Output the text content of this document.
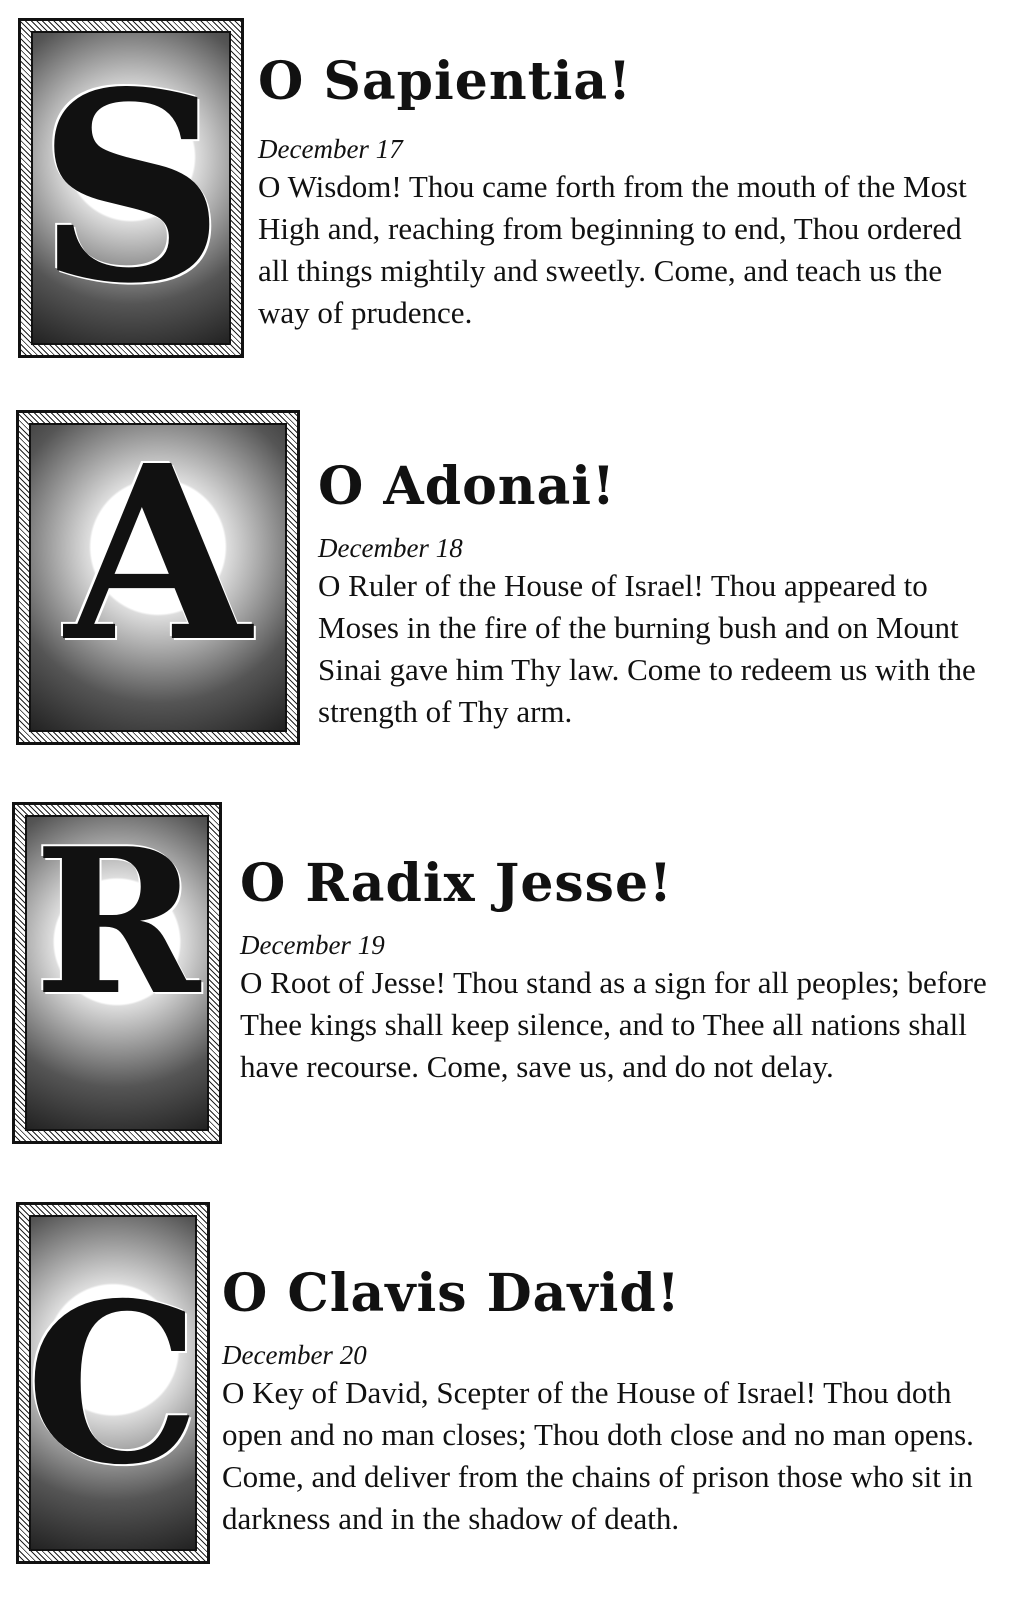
S O Sapientia!
December 17
O Wisdom! Thou came forth from the mouth of the Most High and, reaching from beginning to end, Thou ordered all things mightily and sweetly. Come, and teach us the way of prudence.
A	O Adonai!
December 18
O Ruler of the House of Israel! Thou appeared to Moses in the fire of the burning bush and on Mount Sinai gave him Thy law. Come to redeem us with the strength of Thy arm.
R O Radix Jesse!
December 19
O Root of Jesse! Thou stand as a sign for all peoples; before Thee kings shall keep silence, and to Thee all nations shall have recourse. Come, save us, and do not delay.
C O Clavis David!
December 20
O Key of David, Scepter of the House of Israel! Thou doth open and no man closes; Thou doth close and no man opens. Come, and deliver from the chains of prison those who sit in darkness and in the shadow of death.
